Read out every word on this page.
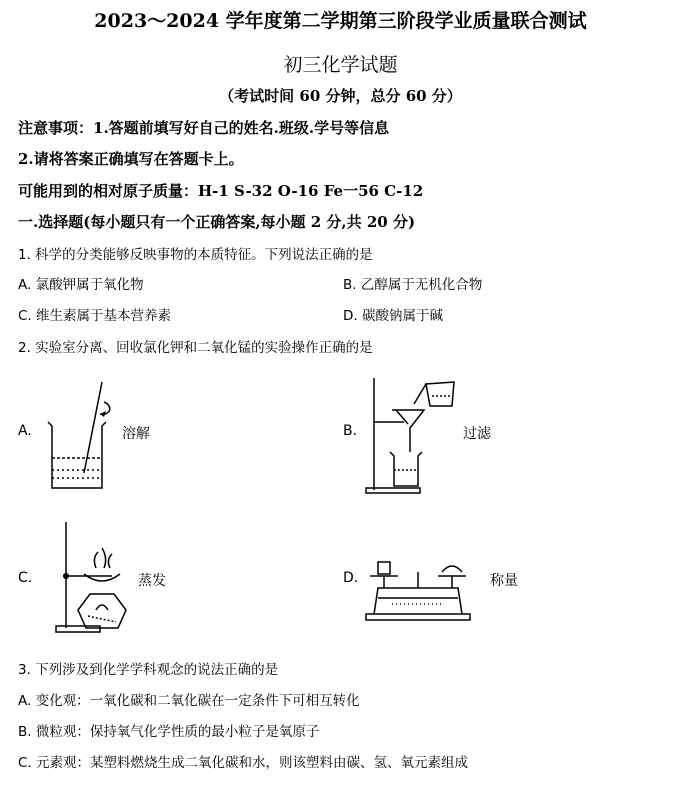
2023～2024 学年度第二学期第三阶段学业质量联合测试
初三化学试题
（考试时间 60 分钟，总分 60 分）
注意事项：1.答题前填写好自己的姓名.班级.学号等信息
2.请将答案正确填写在答题卡上。
可能用到的相对原子质量：H-1 S-32 O-16 Fe一56 C-12
一.选择题(每小题只有一个正确答案,每小题 2 分,共 20 分)
1. 科学的分类能够反映事物的本质特征。下列说法正确的是
A. 氯酸钾属于氧化物	B. 乙醇属于无机化合物
C. 维生素属于基本营养素	D. 碳酸钠属于碱
2. 实验室分离、回收氯化钾和二氧化锰的实验操作正确的是
A.	溶解	B.	过滤
C.	蒸发	D.	称量
3. 下列涉及到化学学科观念的说法正确的是
A. 变化观：一氧化碳和二氧化碳在一定条件下可相互转化
B. 微粒观：保持氧气化学性质的最小粒子是氧原子
C. 元素观：某塑料燃烧生成二氧化碳和水，则该塑料由碳、氢、氧元素组成
